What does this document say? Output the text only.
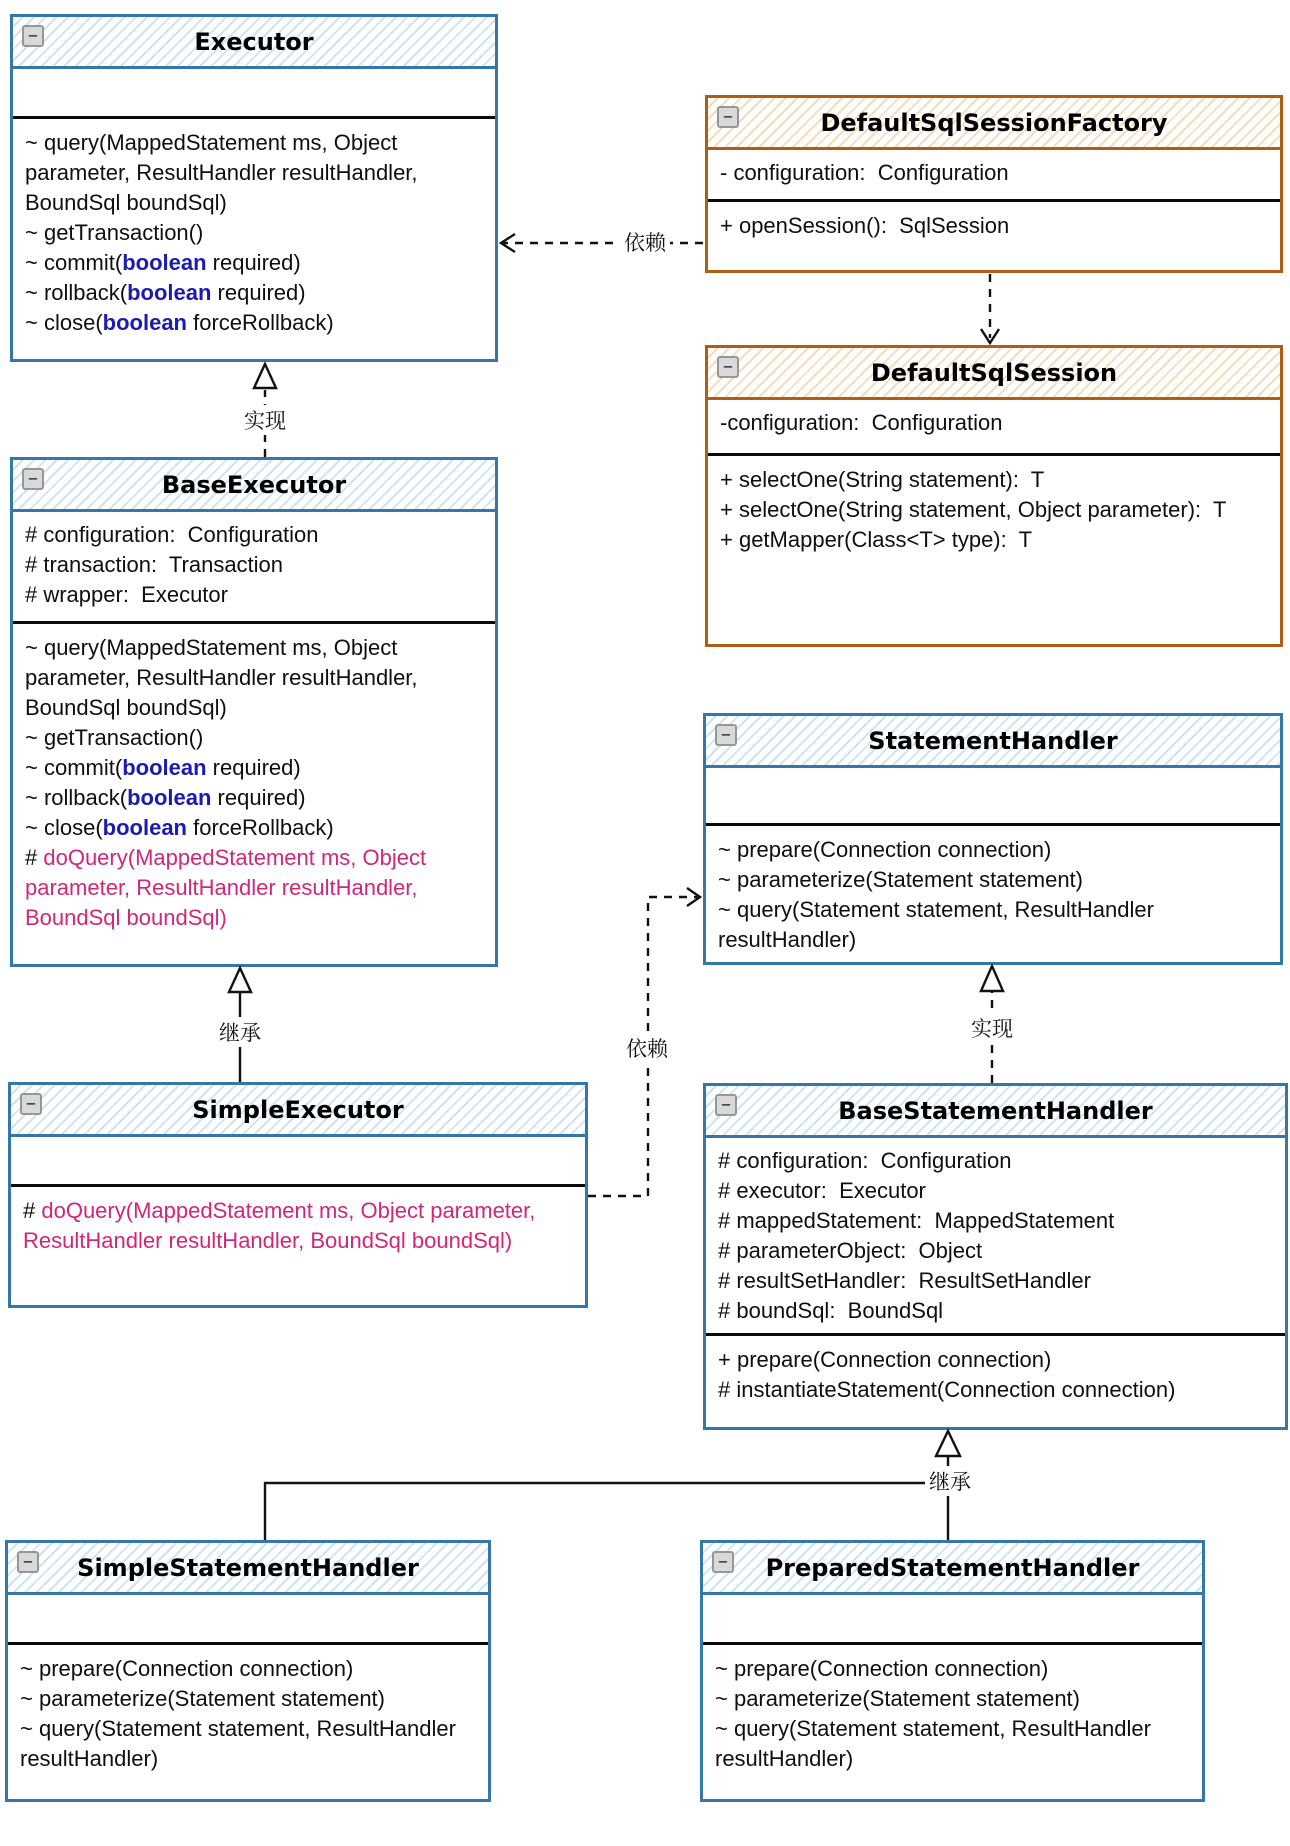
−	Executor
~ query(MappedStatement ms, Object parameter, ResultHandler resultHandler, BoundSql boundSql)
~ getTransaction()
~ commit(boolean required)
~ rollback(boolean required)
~ close(boolean forceRollback)
−	DefaultSqlSessionFactory
- configuration:  Configuration
+ openSession():  SqlSession
−	DefaultSqlSession
-configuration:  Configuration
+ selectOne(String statement):  T
+ selectOne(String statement, Object parameter):  T
+ getMapper(Class<T> type):  T
−	BaseExecutor
# configuration:  Configuration
# transaction:  Transaction
# wrapper:  Executor
~ query(MappedStatement ms, Object parameter, ResultHandler resultHandler, BoundSql boundSql)
~ getTransaction()
~ commit(boolean required)
~ rollback(boolean required)
~ close(boolean forceRollback)
# doQuery(MappedStatement ms, Object parameter, ResultHandler resultHandler, BoundSql boundSql)
−	StatementHandler
~ prepare(Connection connection)
~ parameterize(Statement statement)
~ query(Statement statement, ResultHandler resultHandler)
−	SimpleExecutor
# doQuery(MappedStatement ms, Object parameter, ResultHandler resultHandler, BoundSql boundSql)
−	BaseStatementHandler
# configuration:  Configuration
# executor:  Executor
# mappedStatement:  MappedStatement
# parameterObject:  Object
# resultSetHandler:  ResultSetHandler
# boundSql:  BoundSql
+ prepare(Connection connection)
# instantiateStatement(Connection connection)
− SimpleStatementHandler
~ prepare(Connection connection)
~ parameterize(Statement statement)
~ query(Statement statement, ResultHandler resultHandler)
− PreparedStatementHandler
~ prepare(Connection connection)
~ parameterize(Statement statement)
~ query(Statement statement, ResultHandler resultHandler)
实现
依赖
继承
依赖
实现
继承
